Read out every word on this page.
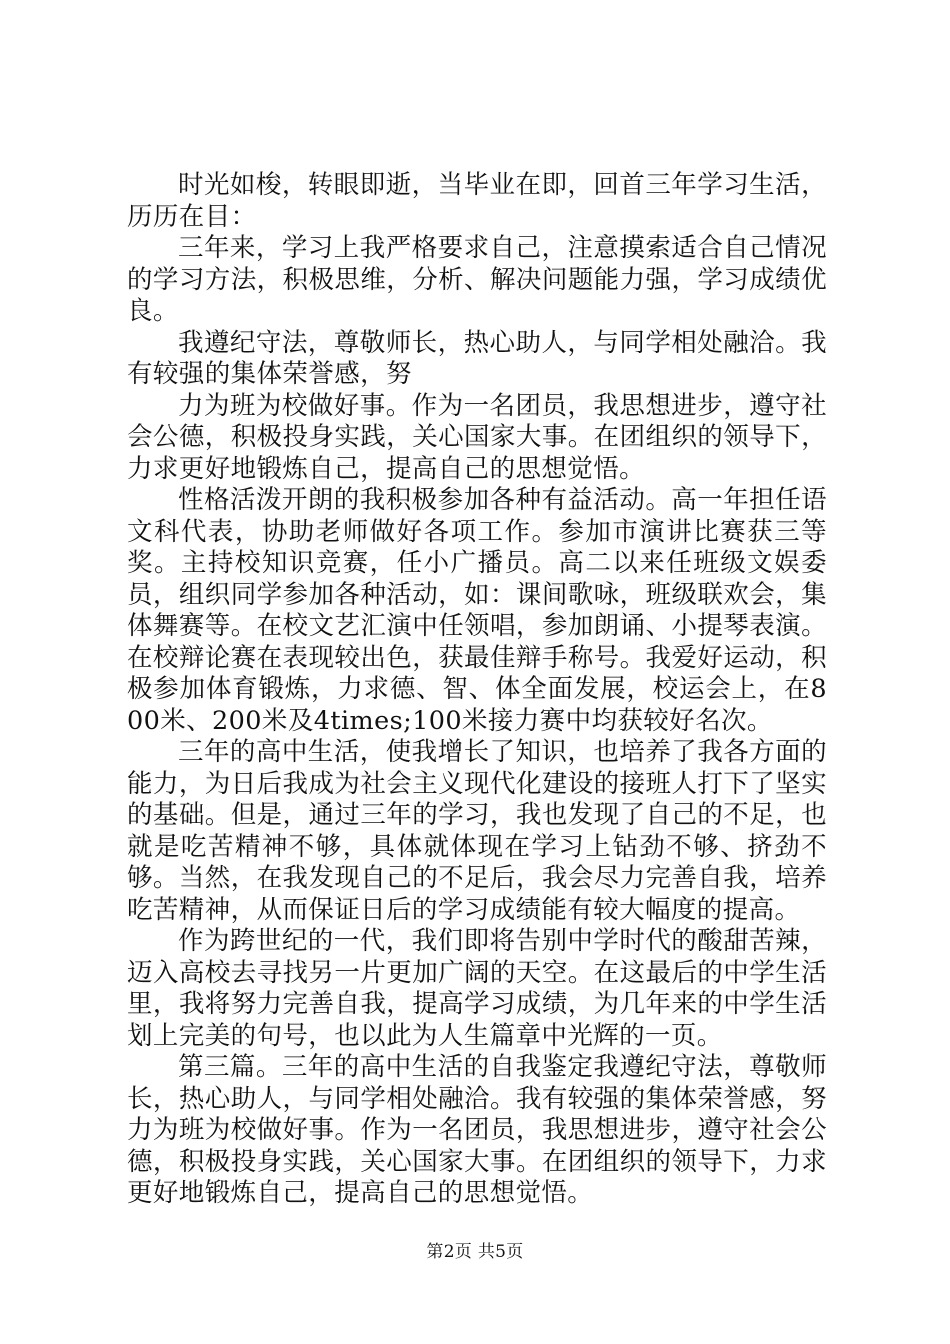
时光如梭，转眼即逝，当毕业在即，回首三年学习生活，历历在目：

三年来，学习上我严格要求自己，注意摸索适合自己情况的学习方法，积极思维，分析、解决问题能力强，学习成绩优良。

我遵纪守法，尊敬师长，热心助人，与同学相处融洽。我有较强的集体荣誉感，努

力为班为校做好事。作为一名团员，我思想进步，遵守社会公德，积极投身实践，关心国家大事。在团组织的领导下，力求更好地锻炼自己，提高自己的思想觉悟。

性格活泼开朗的我积极参加各种有益活动。高一年担任语文科代表，协助老师做好各项工作。参加市演讲比赛获三等奖。主持校知识竞赛，任小广播员。高二以来任班级文娱委员，组织同学参加各种活动，如：课间歌咏，班级联欢会，集体舞赛等。在校文艺汇演中任领唱，参加朗诵、小提琴表演。在校辩论赛在表现较出色，获最佳辩手称号。我爱好运动，积极参加体育锻炼，力求德、智、体全面发展，校运会上，在800米、200米及4times;100米接力赛中均获较好名次。

三年的高中生活，使我增长了知识，也培养了我各方面的能力，为日后我成为社会主义现代化建设的接班人打下了坚实的基础。但是，通过三年的学习，我也发现了自己的不足，也就是吃苦精神不够，具体就体现在学习上钻劲不够、挤劲不够。当然，在我发现自己的不足后，我会尽力完善自我，培养吃苦精神，从而保证日后的学习成绩能有较大幅度的提高。

作为跨世纪的一代，我们即将告别中学时代的酸甜苦辣，迈入高校去寻找另一片更加广阔的天空。在这最后的中学生活里，我将努力完善自我，提高学习成绩，为几年来的中学生活划上完美的句号，也以此为人生篇章中光辉的一页。

第三篇。三年的高中生活的自我鉴定我遵纪守法，尊敬师长，热心助人，与同学相处融洽。我有较强的集体荣誉感，努力为班为校做好事。作为一名团员，我思想进步，遵守社会公德，积极投身实践，关心国家大事。在团组织的领导下，力求更好地锻炼自己，提高自己的思想觉悟。

第2页 共5页
